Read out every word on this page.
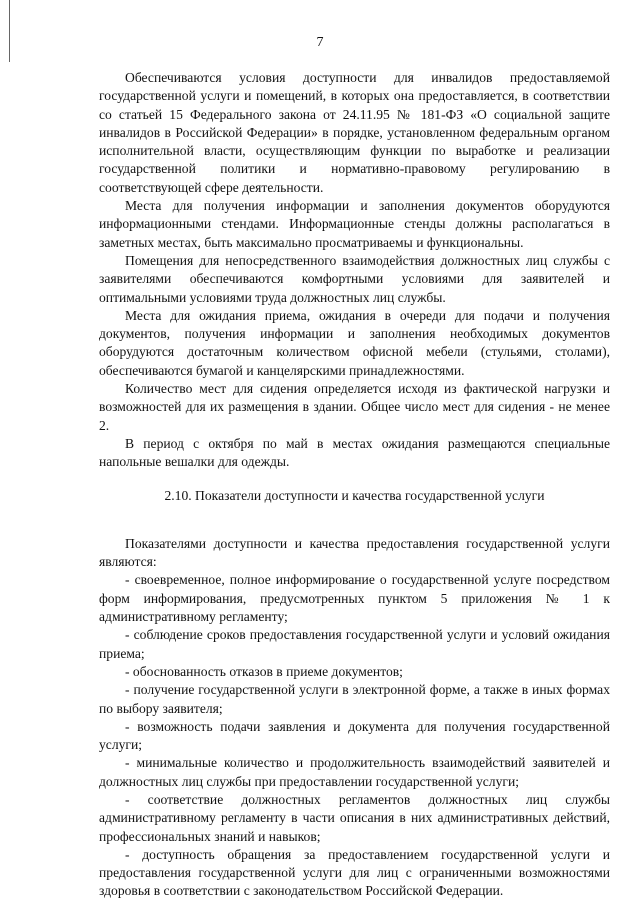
7

Обеспечиваются условия доступности для инвалидов предоставляемой государственной услуги и помещений, в которых она предоставляется, в соответствии со статьей 15 Федерального закона от 24.11.95 № 181-ФЗ «О социальной защите инвалидов в Российской Федерации» в порядке, установленном федеральным органом исполнительной власти, осуществляющим функции по выработке и реализации государственной политики и нормативно-правовому регулированию в соответствующей сфере деятельности.

Места для получения информации и заполнения документов оборудуются информационными стендами. Информационные стенды должны располагаться в заметных местах, быть максимально просматриваемы и функциональны.

Помещения для непосредственного взаимодействия должностных лиц службы с заявителями обеспечиваются комфортными условиями для заявителей и оптимальными условиями труда должностных лиц службы.

Места для ожидания приема, ожидания в очереди для подачи и получения документов, получения информации и заполнения необходимых документов оборудуются достаточным количеством офисной мебели (стульями, столами), обеспечиваются бумагой и канцелярскими принадлежностями.

Количество мест для сидения определяется исходя из фактической нагрузки и возможностей для их размещения в здании. Общее число мест для сидения - не менее 2.

В период с октября по май в местах ожидания размещаются специальные напольные вешалки для одежды.

2.10. Показатели доступности и качества государственной услуги

Показателями доступности и качества предоставления государственной услуги являются:

- своевременное, полное информирование о государственной услуге посредством форм информирования, предусмотренных пунктом 5 приложения № 1 к административному регламенту;

- соблюдение сроков предоставления государственной услуги и условий ожидания приема;

- обоснованность отказов в приеме документов;

- получение государственной услуги в электронной форме, а также в иных формах по выбору заявителя;

- возможность подачи заявления и документа для получения государственной услуги;

- минимальные количество и продолжительность взаимодействий заявителей и должностных лиц службы при предоставлении государственной услуги;

- соответствие должностных регламентов должностных лиц службы административному регламенту в части описания в них административных действий, профессиональных знаний и навыков;

- доступность обращения за предоставлением государственной услуги и предоставления государственной услуги для лиц с ограниченными возможностями здоровья в соответствии с законодательством Российской Федерации.
